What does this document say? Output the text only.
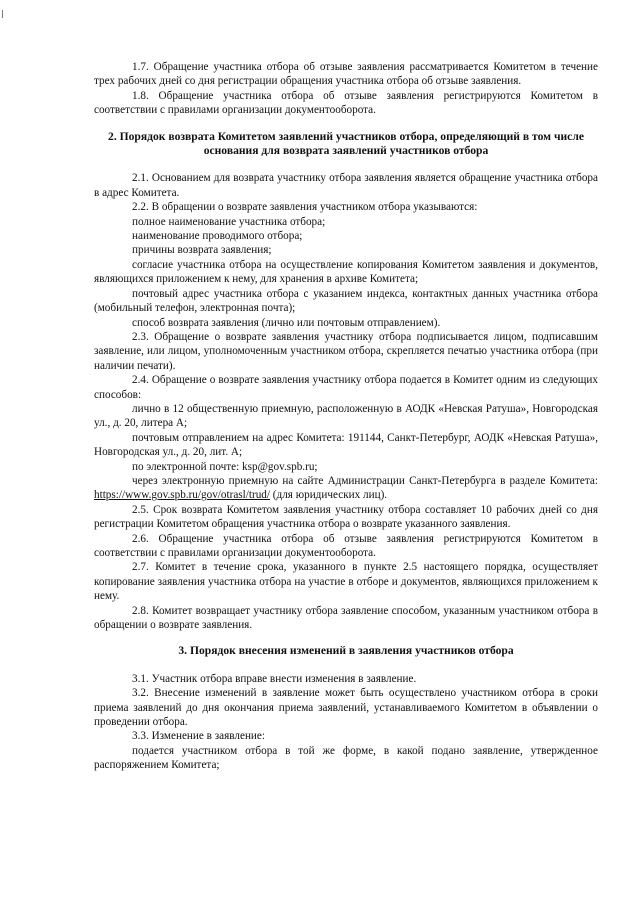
1.7. Обращение участника отбора об отзыве заявления рассматривается Комитетом в течение трех рабочих дней со дня регистрации обращения участника отбора об отзыве заявления.

1.8. Обращение участника отбора об отзыве заявления регистрируются Комитетом в соответствии с правилами организации документооборота.

2. Порядок возврата Комитетом заявлений участников отбора, определяющий в том числе основания для возврата заявлений участников отбора

2.1. Основанием для возврата участнику отбора заявления является обращение участника отбора в адрес Комитета.

2.2. В обращении о возврате заявления участником отбора указываются:

полное наименование участника отбора;

наименование проводимого отбора;

причины возврата заявления;

согласие участника отбора на осуществление копирования Комитетом заявления и документов, являющихся приложением к нему, для хранения в архиве Комитета;

почтовый адрес участника отбора с указанием индекса, контактных данных участника отбора (мобильный телефон, электронная почта);

способ возврата заявления (лично или почтовым отправлением).

2.3. Обращение о возврате заявления участнику отбора подписывается лицом, подписавшим заявление, или лицом, уполномоченным участником отбора, скрепляется печатью участника отбора (при наличии печати).

2.4. Обращение о возврате заявления участнику отбора подается в Комитет одним из следующих способов:

лично в 12 общественную приемную, расположенную в АОДК «Невская Ратуша», Новгородская ул., д. 20, литера А;

почтовым отправлением на адрес Комитета: 191144, Санкт-Петербург, АОДК «Невская Ратуша», Новгородская ул., д. 20, лит. А;

по электронной почте: ksp@gov.spb.ru;

через электронную приемную на сайте Администрации Санкт-Петербурга в разделе Комитета: https://www.gov.spb.ru/gov/otrasl/trud/ (для юридических лиц).

2.5. Срок возврата Комитетом заявления участнику отбора составляет 10 рабочих дней со дня регистрации Комитетом обращения участника отбора о возврате указанного заявления.

2.6. Обращение участника отбора об отзыве заявления регистрируются Комитетом в соответствии с правилами организации документооборота.

2.7. Комитет в течение срока, указанного в пункте 2.5 настоящего порядка, осуществляет копирование заявления участника отбора на участие в отборе и документов, являющихся приложением к нему.

2.8. Комитет возвращает участнику отбора заявление способом, указанным участником отбора в обращении о возврате заявления.

3. Порядок внесения изменений в заявления участников отбора

3.1. Участник отбора вправе внести изменения в заявление.

3.2. Внесение изменений в заявление может быть осуществлено участником отбора в сроки приема заявлений до дня окончания приема заявлений, устанавливаемого Комитетом в объявлении о проведении отбора.

3.3. Изменение в заявление:

подается участником отбора в той же форме, в какой подано заявление, утвержденное распоряжением Комитета;
